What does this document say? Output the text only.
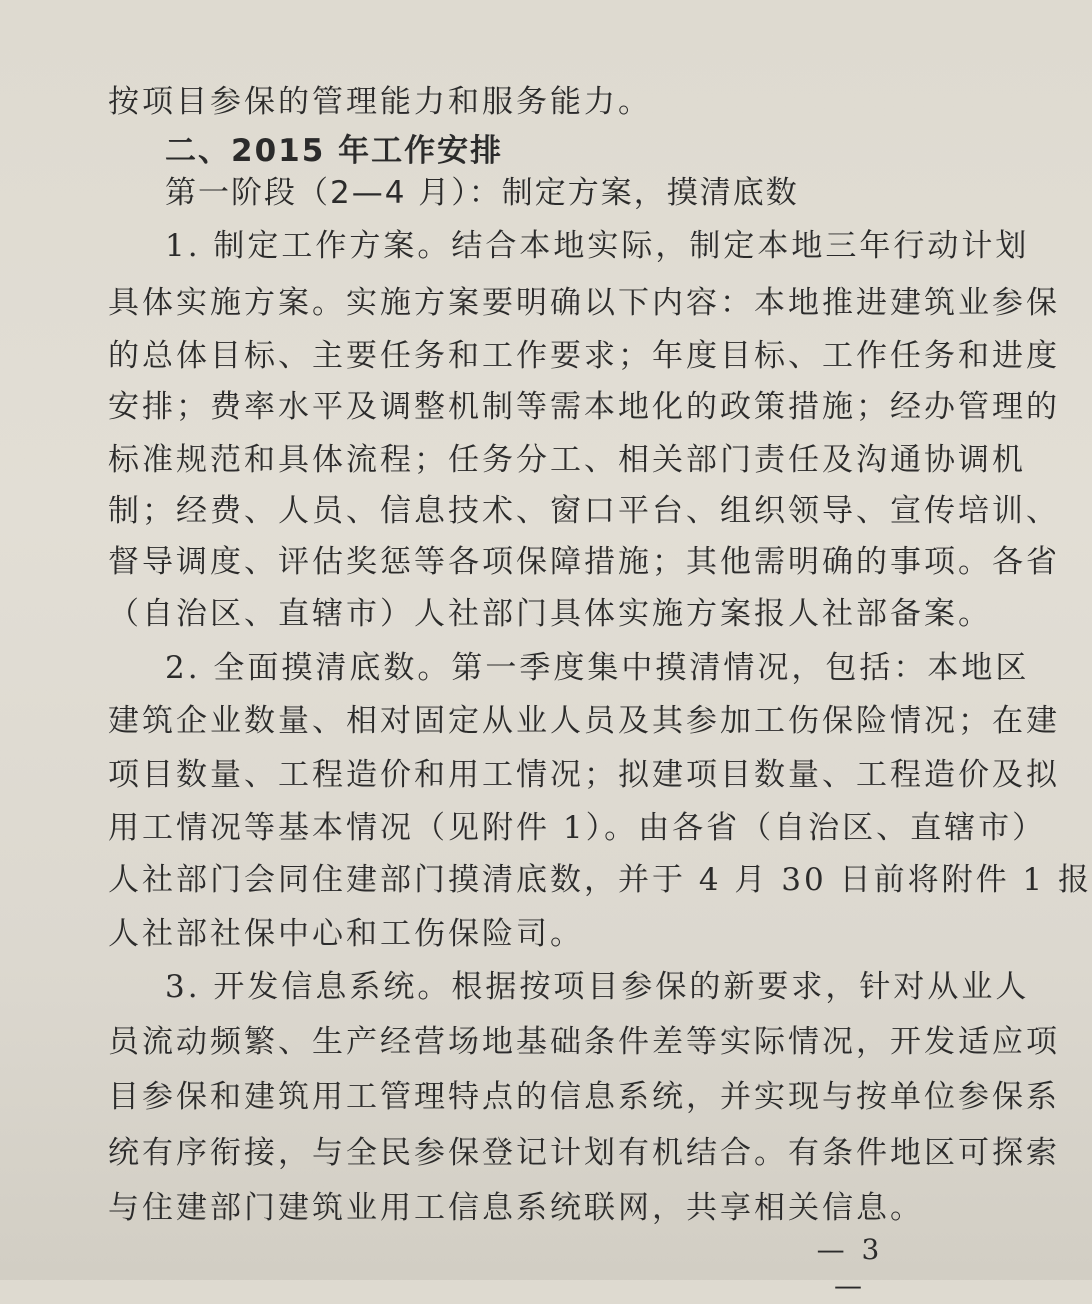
按项目参保的管理能力和服务能力。
二、2015 年工作安排
第一阶段（2—4 月）：制定方案，摸清底数
1. 制定工作方案。结合本地实际，制定本地三年行动计划
具体实施方案。实施方案要明确以下内容：本地推进建筑业参保
的总体目标、主要任务和工作要求；年度目标、工作任务和进度
安排；费率水平及调整机制等需本地化的政策措施；经办管理的
标准规范和具体流程；任务分工、相关部门责任及沟通协调机
制；经费、人员、信息技术、窗口平台、组织领导、宣传培训、
督导调度、评估奖惩等各项保障措施；其他需明确的事项。各省
（自治区、直辖市）人社部门具体实施方案报人社部备案。
2. 全面摸清底数。第一季度集中摸清情况，包括：本地区
建筑企业数量、相对固定从业人员及其参加工伤保险情况；在建
项目数量、工程造价和用工情况；拟建项目数量、工程造价及拟
用工情况等基本情况（见附件 1）。由各省（自治区、直辖市）
人社部门会同住建部门摸清底数，并于 4 月 30 日前将附件 1 报
人社部社保中心和工伤保险司。
3. 开发信息系统。根据按项目参保的新要求，针对从业人
员流动频繁、生产经营场地基础条件差等实际情况，开发适应项
目参保和建筑用工管理特点的信息系统，并实现与按单位参保系
统有序衔接，与全民参保登记计划有机结合。有条件地区可探索
与住建部门建筑业用工信息系统联网，共享相关信息。
— 3 —
